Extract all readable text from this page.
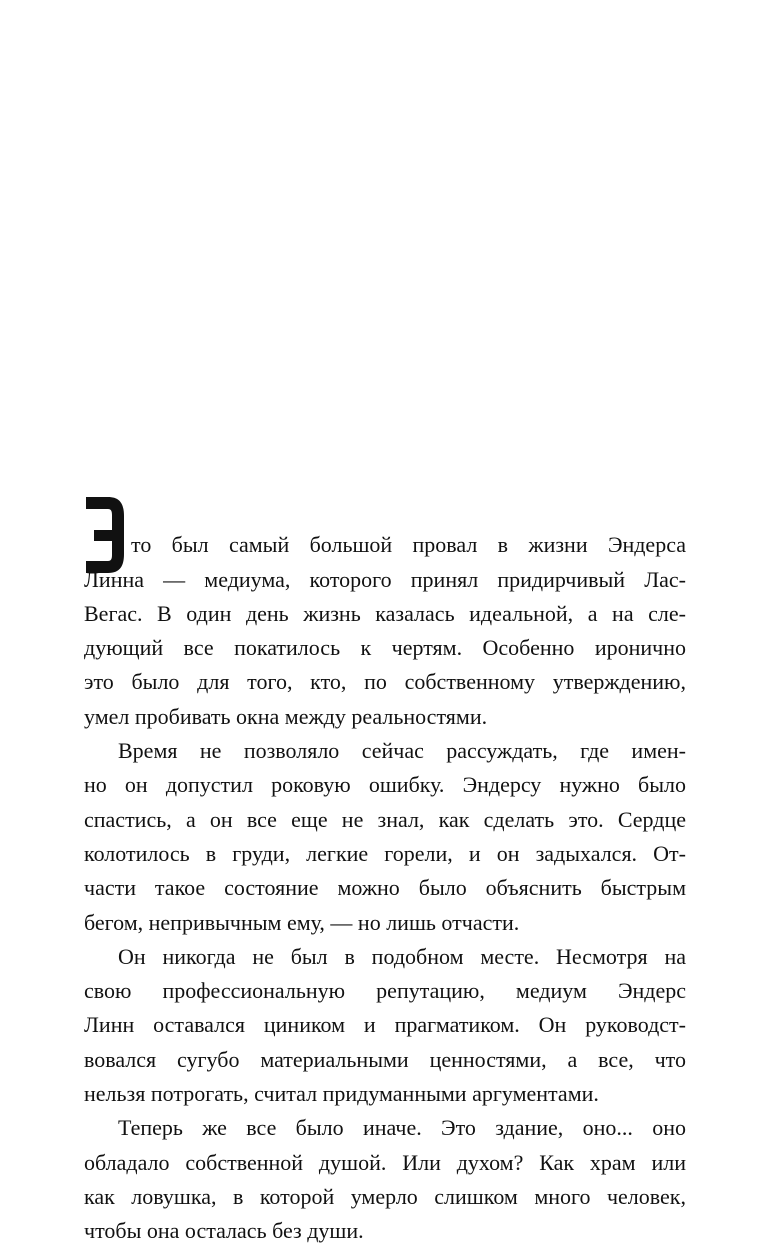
то был самый большой провал в жизни Эндерса
Линна — медиума, которого принял придирчивый Лас-
Вегас. В один день жизнь казалась идеальной, а на сле-
дующий все покатилось к чертям. Особенно иронично
это было для того, кто, по собственному утверждению,
умел пробивать окна между реальностями.
Время не позволяло сейчас рассуждать, где имен-
но он допустил роковую ошибку. Эндерсу нужно было
спастись, а он все еще не знал, как сделать это. Сердце
колотилось в груди, легкие горели, и он задыхался. От-
части такое состояние можно было объяснить быстрым
бегом, непривычным ему, — но лишь отчасти.
Он никогда не был в подобном месте. Несмотря на
свою профессиональную репутацию, медиум Эндерс
Линн оставался циником и прагматиком. Он руководст-
вовался сугубо материальными ценностями, а все, что
нельзя потрогать, считал придуманными аргументами.
Теперь же все было иначе. Это здание, оно... оно
обладало собственной душой. Или духом? Как храм или
как ловушка, в которой умерло слишком много человек,
чтобы она осталась без души.
